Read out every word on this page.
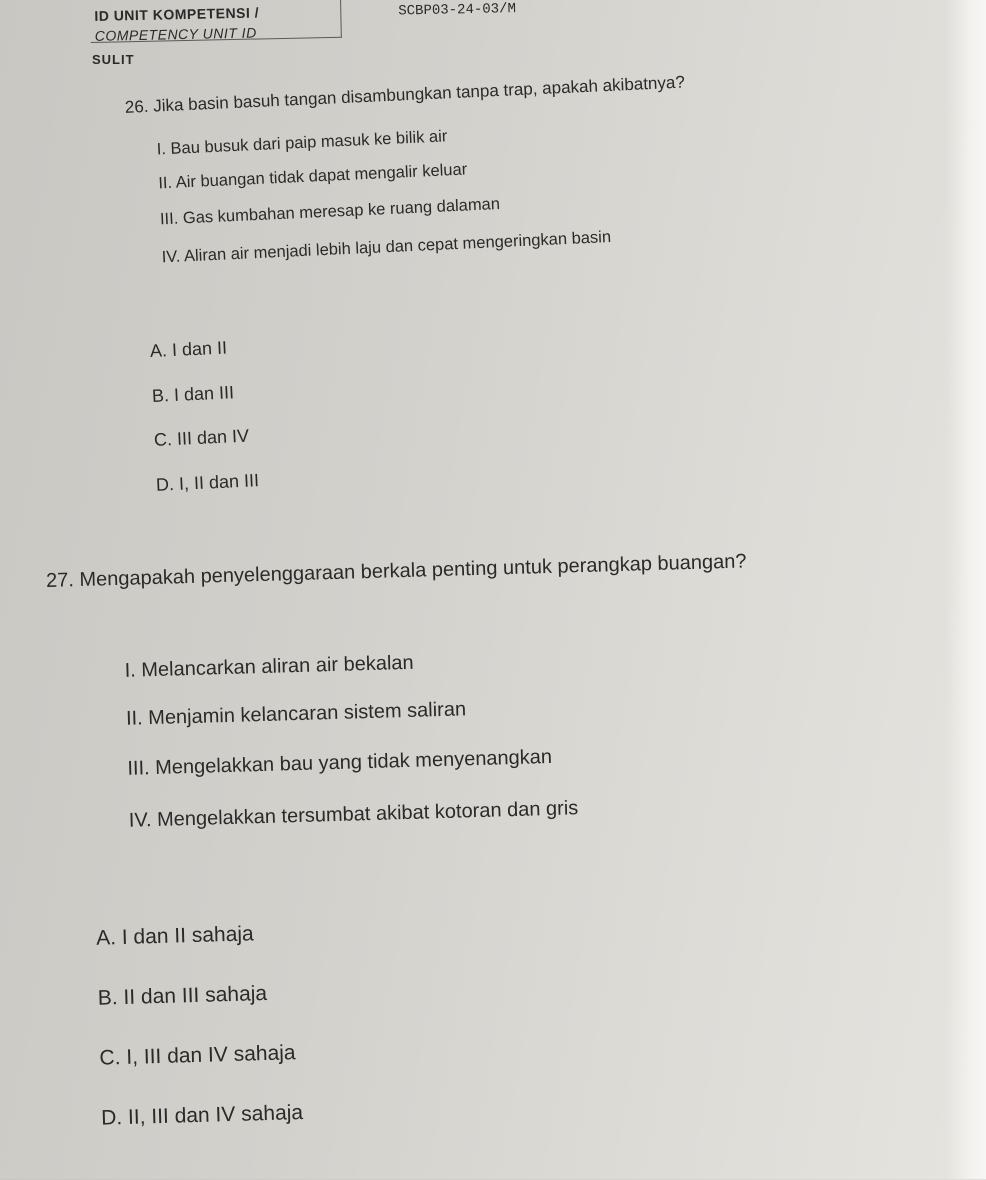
ID UNIT KOMPETENSI /
COMPETENCY UNIT ID
SCBP03-24-03/M
SULIT
26. Jika basin basuh tangan disambungkan tanpa trap, apakah akibatnya?
I. Bau busuk dari paip masuk ke bilik air
II. Air buangan tidak dapat mengalir keluar
III. Gas kumbahan meresap ke ruang dalaman
IV. Aliran air menjadi lebih laju dan cepat mengeringkan basin
A. I dan II
B. I dan III
C. III dan IV
D. I, II dan III
27. Mengapakah penyelenggaraan berkala penting untuk perangkap buangan?
I. Melancarkan aliran air bekalan
II. Menjamin kelancaran sistem saliran
III. Mengelakkan bau yang tidak menyenangkan
IV. Mengelakkan tersumbat akibat kotoran dan gris
A. I dan II sahaja
B. II dan III sahaja
C. I, III dan IV sahaja
D. II, III dan IV sahaja
